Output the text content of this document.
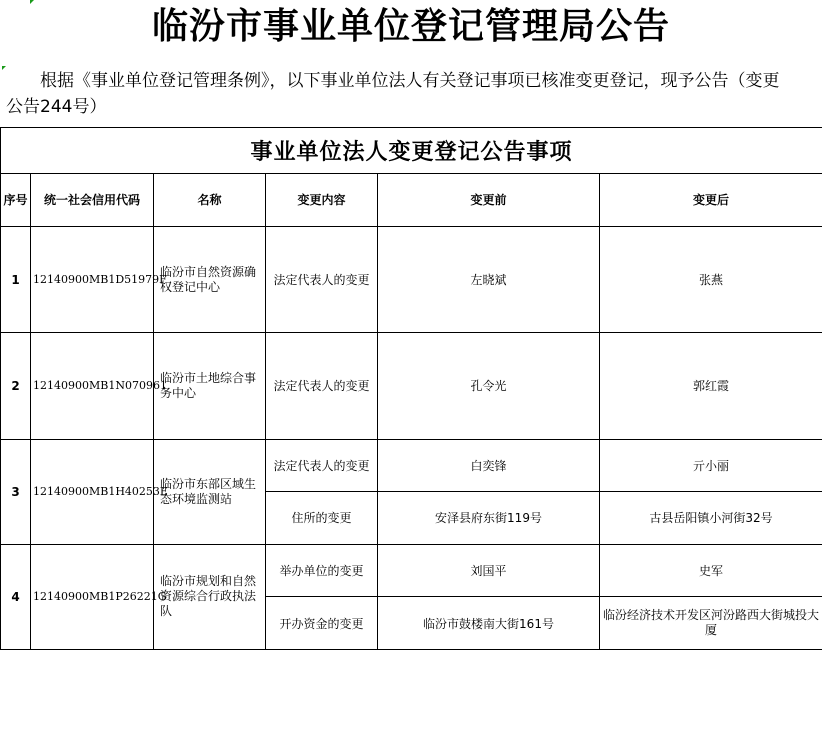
临汾市事业单位登记管理局公告
根据《事业单位登记管理条例》，以下事业单位法人有关登记事项已核准变更登记，现予公告（变更公告244号）
事业单位法人变更登记公告事项					
序号	统一社会信用代码	名称	变更内容	变更前	变更后
1	12140900MB1D51979F	临汾市自然资源确权登记中心	法定代表人的变更	左晓斌	张燕
2	12140900MB1N070961	临汾市土地综合事务中心	法定代表人的变更	孔令光	郭红霞
3	12140900MB1H40253E	临汾市东部区域生态环境监测站	法定代表人的变更	白奕锋	亓小丽
			住所的变更	安泽县府东街119号	古县岳阳镇小河街32号
4	12140900MB1P26221G	临汾市规划和自然资源综合行政执法队	举办单位的变更	刘国平	史军
			开办资金的变更	临汾市鼓楼南大街161号	临汾经济技术开发区河汾路西大街城投大厦
